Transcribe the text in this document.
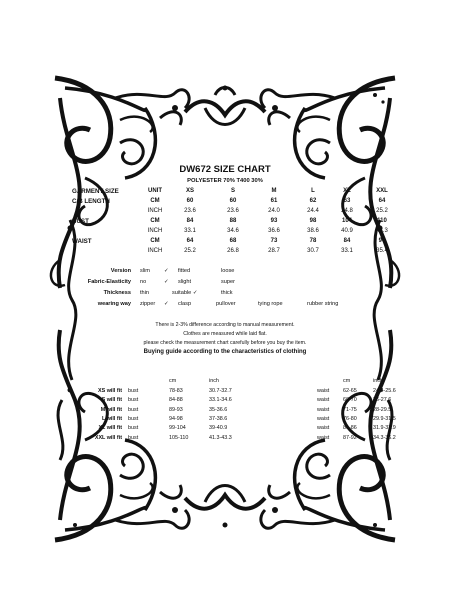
DW672 SIZE CHART
POLYESTER 70% T400 30%
GARMENT SIZE	UNIT	XS	S	M	L	XL	XXL
C/B LENGTH	CM	60	60	61	62	63	64
INCH	23.6	23.6	24.0	24.4	24.8	25.2
BUST	CM	84	88	93	98	104	110
INCH	33.1	34.6	36.6	38.6	40.9	43.3
WAIST	CM	64	68	73	78	84	90
INCH	25.2	26.8	28.7	30.7	33.1	35.4
Version slim	✓ fitted	loose
Fabric-Elasticity no	✓ slight	super
Thickness thin	suitable ✓	thick
wearing way zipper ✓ clasp	pullover	tying rope	rubber string
There is 2-3% difference according to manual measurement.
Clothes are measured while laid flat.
please check the measurement chart carefully before you buy the item.
Buying guide according to the characteristics of clothing
cm	inch	cm	inch
XS will fit bust	78-83	30.7-32.7	waist	62-65	24.4-25.6
S will fit bust	84-88	33.1-34.6	waist	66-70	26-27.6
M will fit bust	89-93	35-36.6	waist	71-75	28-29.5
L will fit bust	94-98	37-38.6	waist	76-80	29.9-31.5
XL will fit bust	99-104	39-40.9	waist	81-86	31.9-33.9
XXL will fit bust	105-110	41.3-43.3	waist	87-92	34.3-36.2
